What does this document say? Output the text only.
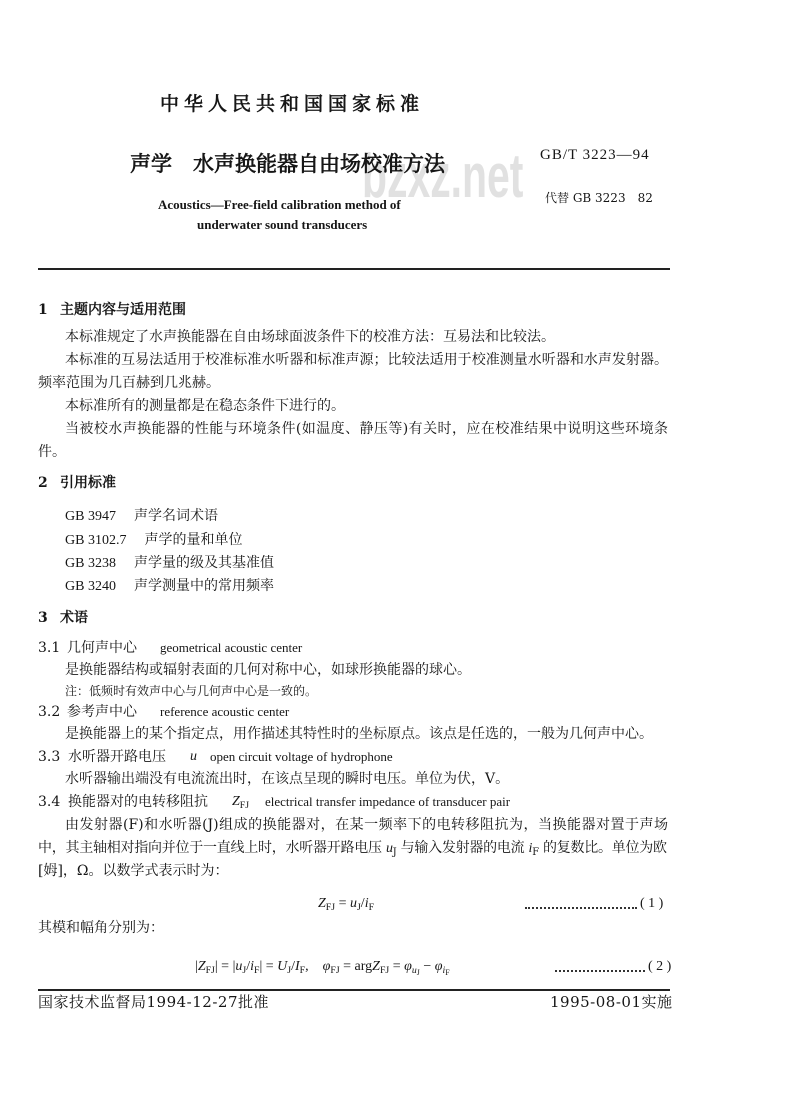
bzxz.net
中华人民共和国国家标准
声学　水声换能器自由场校准方法	GB/T 3223—94
代替 GB 3223　82
Acoustics—Free-field calibration method of
underwater sound transducers
1 主题内容与适用范围
本标准规定了水声换能器在自由场球面波条件下的校准方法：互易法和比较法。
本标准的互易法适用于校准标准水听器和标准声源；比较法适用于校准测量水听器和水声发射器。
频率范围为几百赫到几兆赫。
本标准所有的测量都是在稳态条件下进行的。
当被校水声换能器的性能与环境条件(如温度、静压等)有关时，应在校准结果中说明这些环境条
件。
2 引用标准
GB 3947 声学名词术语
GB 3102.7 声学的量和单位
GB 3238 声学量的级及其基准值
GB 3240 声学测量中的常用频率
3 术语
3.1 几何声中心 geometrical acoustic center
是换能器结构或辐射表面的几何对称中心，如球形换能器的球心。
注：低频时有效声中心与几何声中心是一致的。
3.2 参考声中心 reference acoustic center
是换能器上的某个指定点，用作描述其特性时的坐标原点。该点是任选的，一般为几何声中心。
3.3 水听器开路电压 u open circuit voltage of hydrophone
水听器输出端没有电流流出时，在该点呈现的瞬时电压。单位为伏，V。
3.4 换能器对的电转移阻抗 $Z_{FJ}$ electrical transfer impedance of transducer pair
由发射器(F)和水听器(J)组成的换能器对，在某一频率下的电转移阻抗为，当换能器对置于声场
中，其主轴相对指向并位于一直线上时，水听器开路电压 $u_J$ 与输入发射器的电流 $i_F$ 的复数比。单位为欧
[姆]，Ω。以数学式表示时为：
$Z_{FJ} = u_J/i_F$	( 1 )
其模和幅角分别为：
$|Z_{FJ}| = |u_J/i_F| = U_J/I_F$,　$\varphi_{FJ}$ = argZ$_{FJ}$ = $\varphi_{u_J} - \varphi_{i_F}$	( 2 )
国家技术监督局1994-12-27批准	1995-08-01实施
